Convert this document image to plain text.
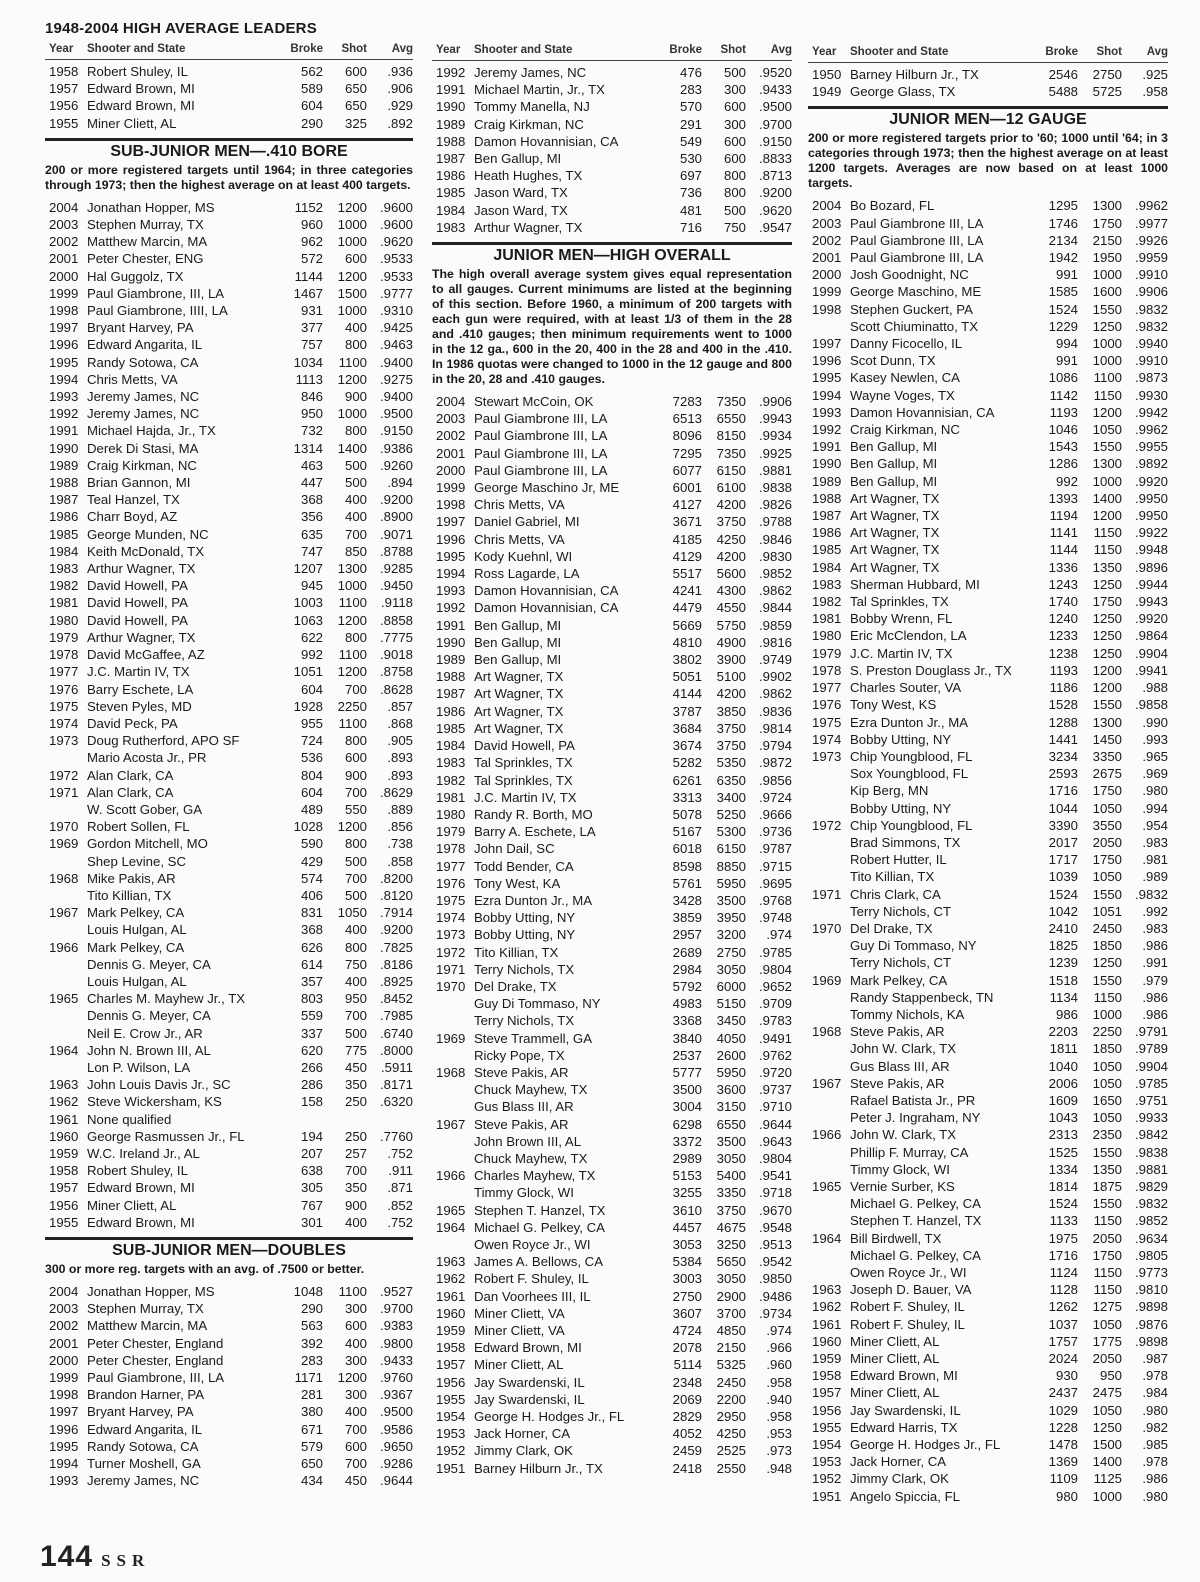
1948-2004 HIGH AVERAGE LEADERS
Year	Shooter and State	Broke	Shot	Avg
1958 Robert Shuley, IL	562	600	.936
1957 Edward Brown, MI	589	650	.906
1956 Edward Brown, MI	604	650	.929
1955 Miner Cliett, AL	290	325	.892
SUB-JUNIOR MEN—.410 BORE
200 or more registered targets until 1964; in three categories through 1973; then the highest average on at least 400 targets.
2004 Jonathan Hopper, MS	1152	1200 .9600
2003 Stephen Murray, TX	960	1000 .9600
2002 Matthew Marcin, MA	962	1000 .9620
2001 Peter Chester, ENG	572	600 .9533
2000 Hal Guggolz, TX	1144	1200 .9533
1999 Paul Giambrone, III, LA	1467	1500 .9777
1998 Paul Giambrone, IIII, LA	931	1000 .9310
1997 Bryant Harvey, PA	377	400 .9425
1996 Edward Angarita, IL	757	800 .9463
1995 Randy Sotowa, CA	1034	1100 .9400
1994 Chris Metts, VA	1113	1200 .9275
1993 Jeremy James, NC	846	900 .9400
1992 Jeremy James, NC	950	1000 .9500
1991 Michael Hajda, Jr., TX	732	800 .9150
1990 Derek Di Stasi, MA	1314	1400 .9386
1989 Craig Kirkman, NC	463	500 .9260
1988 Brian Gannon, MI	447	500	.894
1987 Teal Hanzel, TX	368	400 .9200
1986 Charr Boyd, AZ	356	400 .8900
1985 George Munden, NC	635	700 .9071
1984 Keith McDonald, TX	747	850 .8788
1983 Arthur Wagner, TX	1207	1300 .9285
1982 David Howell, PA	945	1000 .9450
1981 David Howell, PA	1003	1100	.9118
1980 David Howell, PA	1063	1200 .8858
1979 Arthur Wagner, TX	622	800 .7775
1978 David McGaffee, AZ	992	1100 .9018
1977 J.C. Martin IV, TX	1051	1200 .8758
1976 Barry Eschete, LA	604	700 .8628
1975 Steven Pyles, MD	1928	2250	.857
1974 David Peck, PA	955	1100	.868
1973 Doug Rutherford, APO SF	724	800	.905
Mario Acosta Jr., PR	536	600	.893
1972 Alan Clark, CA	804	900	.893
1971 Alan Clark, CA	604	700 .8629
W. Scott Gober, GA	489	550	.889
1970 Robert Sollen, FL	1028	1200	.856
1969 Gordon Mitchell, MO	590	800	.738
Shep Levine, SC	429	500	.858
1968 Mike Pakis, AR	574	700 .8200
Tito Killian, TX	406	500 .8120
1967 Mark Pelkey, CA	831	1050 .7914
Louis Hulgan, AL	368	400 .9200
1966 Mark Pelkey, CA	626	800 .7825
Dennis G. Meyer, CA	614	750 .8186
Louis Hulgan, AL	357	400 .8925
1965 Charles M. Mayhew Jr., TX	803	950 .8452
Dennis G. Meyer, CA	559	700 .7985
Neil E. Crow Jr., AR	337	500 .6740
1964 John N. Brown III, AL	620	775 .8000
Lon P. Wilson, LA	266	450	.5911
1963 John Louis Davis Jr., SC	286	350 .8171
1962 Steve Wickersham, KS	158	250 .6320
1961 None qualified
1960 George Rasmussen Jr., FL	194	250 .7760
1959 W.C. Ireland Jr., AL	207	257	.752
1958 Robert Shuley, IL	638	700	.911
1957 Edward Brown, MI	305	350	.871
1956 Miner Cliett, AL	767	900	.852
1955 Edward Brown, MI	301	400	.752
SUB-JUNIOR MEN—DOUBLES
300 or more reg. targets with an avg. of .7500 or better.
2004 Jonathan Hopper, MS	1048	1100 .9527
2003 Stephen Murray, TX	290	300 .9700
2002 Matthew Marcin, MA	563	600 .9383
2001 Peter Chester, England	392	400 .9800
2000 Peter Chester, England	283	300 .9433
1999 Paul Giambrone, III, LA	1171	1200 .9760
1998 Brandon Harner, PA	281	300 .9367
1997 Bryant Harvey, PA	380	400 .9500
1996 Edward Angarita, IL	671	700 .9586
1995 Randy Sotowa, CA	579	600 .9650
1994 Turner Moshell, GA	650	700 .9286
1993 Jeremy James, NC	434	450 .9644
Year	Shooter and State	Broke	Shot	Avg
1992 Jeremy James, NC	476	500 .9520
1991 Michael Martin, Jr., TX	283	300 .9433
1990 Tommy Manella, NJ	570	600 .9500
1989 Craig Kirkman, NC	291	300 .9700
1988 Damon Hovannisian, CA	549	600 .9150
1987 Ben Gallup, MI	530	600 .8833
1986 Heath Hughes, TX	697	800 .8713
1985 Jason Ward, TX	736	800 .9200
1984 Jason Ward, TX	481	500 .9620
1983 Arthur Wagner, TX	716	750 .9547
JUNIOR MEN—HIGH OVERALL
The high overall average system gives equal representation to all gauges. Current minimums are listed at the beginning of this section. Before 1960, a minimum of 200 targets with each gun were required, with at least 1/3 of them in the 28 and .410 gauges; then minimum requirements went to 1000 in the 12 ga., 600 in the 20, 400 in the 28 and 400 in the .410. In 1986 quotas were changed to 1000 in the 12 gauge and 800 in the 20, 28 and .410 gauges.
2004 Stewart McCoin, OK	7283	7350 .9906
2003 Paul Giambrone III, LA	6513	6550 .9943
2002 Paul Giambrone III, LA	8096	8150 .9934
2001 Paul Giambrone III, LA	7295	7350 .9925
2000 Paul Giambrone III, LA	6077	6150 .9881
1999 George Maschino Jr, ME	6001	6100 .9838
1998 Chris Metts, VA	4127	4200 .9826
1997 Daniel Gabriel, MI	3671	3750 .9788
1996 Chris Metts, VA	4185	4250 .9846
1995 Kody Kuehnl, WI	4129	4200 .9830
1994 Ross Lagarde, LA	5517	5600 .9852
1993 Damon Hovannisian, CA	4241	4300 .9862
1992 Damon Hovannisian, CA	4479	4550 .9844
1991 Ben Gallup, MI	5669	5750 .9859
1990 Ben Gallup, MI	4810	4900 .9816
1989 Ben Gallup, MI	3802	3900 .9749
1988 Art Wagner, TX	5051	5100 .9902
1987 Art Wagner, TX	4144	4200 .9862
1986 Art Wagner, TX	3787	3850 .9836
1985 Art Wagner, TX	3684	3750 .9814
1984 David Howell, PA	3674	3750 .9794
1983 Tal Sprinkles, TX	5282	5350 .9872
1982 Tal Sprinkles, TX	6261	6350 .9856
1981 J.C. Martin IV, TX	3313	3400 .9724
1980 Randy R. Borth, MO	5078	5250 .9666
1979 Barry A. Eschete, LA	5167	5300 .9736
1978 John Dail, SC	6018	6150 .9787
1977 Todd Bender, CA	8598	8850 .9715
1976 Tony West, KA	5761	5950 .9695
1975 Ezra Dunton Jr., MA	3428	3500 .9768
1974 Bobby Utting, NY	3859	3950 .9748
1973 Bobby Utting, NY	2957	3200	.974
1972 Tito Killian, TX	2689	2750 .9785
1971 Terry Nichols, TX	2984	3050 .9804
1970 Del Drake, TX	5792	6000 .9652
Guy Di Tommaso, NY	4983	5150 .9709
Terry Nichols, TX	3368	3450 .9783
1969 Steve Trammell, GA	3840	4050 .9491
Ricky Pope, TX	2537	2600 .9762
1968 Steve Pakis, AR	5777	5950 .9720
Chuck Mayhew, TX	3500	3600 .9737
Gus Blass III, AR	3004	3150 .9710
1967 Steve Pakis, AR	6298	6550 .9644
John Brown III, AL	3372	3500 .9643
Chuck Mayhew, TX	2989	3050 .9804
1966 Charles Mayhew, TX	5153	5400 .9541
Timmy Glock, WI	3255	3350 .9718
1965 Stephen T. Hanzel, TX	3610	3750 .9670
1964 Michael G. Pelkey, CA	4457	4675 .9548
Owen Royce Jr., WI	3053	3250 .9513
1963 James A. Bellows, CA	5384	5650 .9542
1962 Robert F. Shuley, IL	3003	3050 .9850
1961 Dan Voorhees III, IL	2750	2900 .9486
1960 Miner Cliett, VA	3607	3700 .9734
1959 Miner Cliett, VA	4724	4850	.974
1958 Edward Brown, MI	2078	2150	.966
1957 Miner Cliett, AL	5114	5325	.960
1956 Jay Swardenski, IL	2348	2450	.958
1955 Jay Swardenski, IL	2069	2200	.940
1954 George H. Hodges Jr., FL	2829	2950	.958
1953 Jack Horner, CA	4052	4250	.953
1952 Jimmy Clark, OK	2459	2525	.973
1951 Barney Hilburn Jr., TX	2418	2550	.948
Year	Shooter and State	Broke	Shot	Avg
1950 Barney Hilburn Jr., TX	2546	2750	.925
1949 George Glass, TX	5488	5725	.958
JUNIOR MEN—12 GAUGE
200 or more registered targets prior to '60; 1000 until '64; in 3 categories through 1973; then the highest average on at least 1200 targets. Averages are now based on at least 1000 targets.
2004 Bo Bozard, FL	1295	1300 .9962
2003 Paul Giambrone III, LA	1746	1750 .9977
2002 Paul Giambrone III, LA	2134	2150 .9926
2001 Paul Giambrone III, LA	1942	1950 .9959
2000 Josh Goodnight, NC	991	1000 .9910
1999 George Maschino, ME	1585	1600 .9906
1998 Stephen Guckert, PA	1524	1550 .9832
Scott Chiuminatto, TX	1229	1250 .9832
1997 Danny Ficocello, IL	994	1000 .9940
1996 Scot Dunn, TX	991	1000 .9910
1995 Kasey Newlen, CA	1086	1100 .9873
1994 Wayne Voges, TX	1142	1150 .9930
1993 Damon Hovannisian, CA	1193	1200 .9942
1992 Craig Kirkman, NC	1046	1050 .9962
1991 Ben Gallup, MI	1543	1550 .9955
1990 Ben Gallup, MI	1286	1300 .9892
1989 Ben Gallup, MI	992	1000 .9920
1988 Art Wagner, TX	1393	1400 .9950
1987 Art Wagner, TX	1194	1200 .9950
1986 Art Wagner, TX	1141	1150 .9922
1985 Art Wagner, TX	1144	1150 .9948
1984 Art Wagner, TX	1336	1350 .9896
1983 Sherman Hubbard, MI	1243	1250 .9944
1982 Tal Sprinkles, TX	1740	1750 .9943
1981 Bobby Wrenn, FL	1240	1250 .9920
1980 Eric McClendon, LA	1233	1250 .9864
1979 J.C. Martin IV, TX	1238	1250 .9904
1978 S. Preston Douglass Jr., TX	1193	1200 .9941
1977 Charles Souter, VA	1186	1200	.988
1976 Tony West, KS	1528	1550 .9858
1975 Ezra Dunton Jr., MA	1288	1300	.990
1974 Bobby Utting, NY	1441	1450	.993
1973 Chip Youngblood, FL	3234	3350	.965
Sox Youngblood, FL	2593	2675	.969
Kip Berg, MN	1716	1750	.980
Bobby Utting, NY	1044	1050	.994
1972 Chip Youngblood, FL	3390	3550	.954
Brad Simmons, TX	2017	2050	.983
Robert Hutter, IL	1717	1750	.981
Tito Killian, TX	1039	1050	.989
1971 Chris Clark, CA	1524	1550 .9832
Terry Nichols, CT	1042	1051	.992
1970 Del Drake, TX	2410	2450	.983
Guy Di Tommaso, NY	1825	1850	.986
Terry Nichols, CT	1239	1250	.991
1969 Mark Pelkey, CA	1518	1550	.979
Randy Stappenbeck, TN	1134	1150	.986
Tommy Nichols, KA	986	1000	.986
1968 Steve Pakis, AR	2203	2250 .9791
John W. Clark, TX	1811	1850 .9789
Gus Blass III, AR	1040	1050 .9904
1967 Steve Pakis, AR	2006	1050 .9785
Rafael Batista Jr., PR	1609	1650 .9751
Peter J. Ingraham, NY	1043	1050 .9933
1966 John W. Clark, TX	2313	2350 .9842
Phillip F. Murray, CA	1525	1550 .9838
Timmy Glock, WI	1334	1350 .9881
1965 Vernie Surber, KS	1814	1875 .9829
Michael G. Pelkey, CA	1524	1550 .9832
Stephen T. Hanzel, TX	1133	1150 .9852
1964 Bill Birdwell, TX	1975	2050 .9634
Michael G. Pelkey, CA	1716	1750 .9805
Owen Royce Jr., WI	1124	1150 .9773
1963 Joseph D. Bauer, VA	1128	1150 .9810
1962 Robert F. Shuley, IL	1262	1275 .9898
1961 Robert F. Shuley, IL	1037	1050 .9876
1960 Miner Cliett, AL	1757	1775 .9898
1959 Miner Cliett, AL	2024	2050	.987
1958 Edward Brown, MI	930	950	.978
1957 Miner Cliett, AL	2437	2475	.984
1956 Jay Swardenski, IL	1029	1050	.980
1955 Edward Harris, TX	1228	1250	.982
1954 George H. Hodges Jr., FL	1478	1500	.985
1953 Jack Horner, CA	1369	1400	.978
1952 Jimmy Clark, OK	1109	1125	.986
1951 Angelo Spiccia, FL	980	1000	.980
144 SSR
